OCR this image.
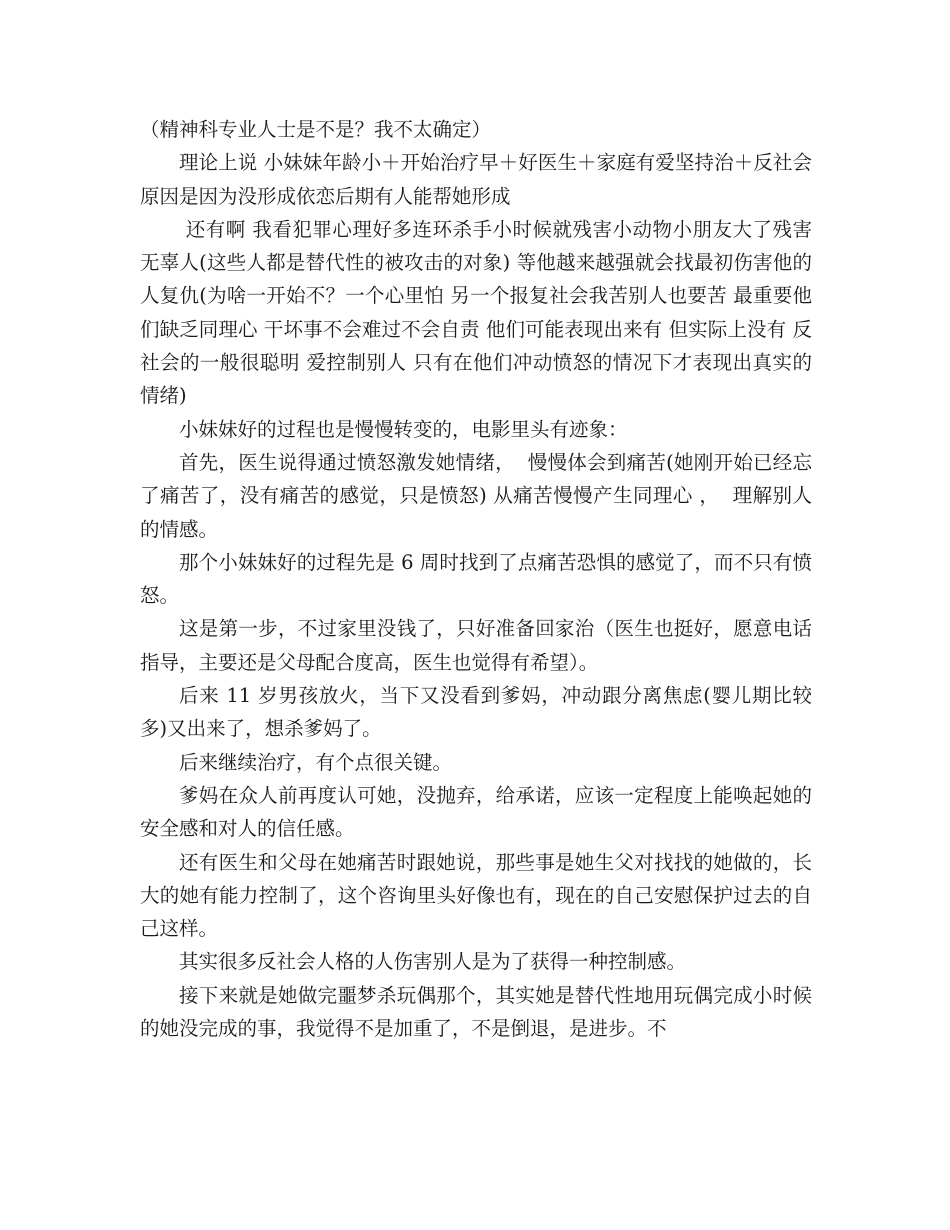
（精神科专业人士是不是？我不太确定）

理论上说 小妹妹年龄小＋开始治疗早＋好医生＋家庭有爱坚持治＋反社会原因是因为没形成依恋后期有人能帮她形成

还有啊 我看犯罪心理好多连环杀手小时候就残害小动物小朋友大了残害无辜人(这些人都是替代性的被攻击的对象) 等他越来越强就会找最初伤害他的人复仇(为啥一开始不？一个心里怕 另一个报复社会我苦别人也要苦 最重要他们缺乏同理心 干坏事不会难过不会自责 他们可能表现出来有 但实际上没有 反社会的一般很聪明 爱控制别人 只有在他们冲动愤怒的情况下才表现出真实的情绪)

小妹妹好的过程也是慢慢转变的，电影里头有迹象：

首先，医生说得通过愤怒激发她情绪，  慢慢体会到痛苦(她刚开始已经忘了痛苦了，没有痛苦的感觉，只是愤怒) 从痛苦慢慢产生同理心 ，  理解别人的情感。

那个小妹妹好的过程先是 6 周时找到了点痛苦恐惧的感觉了，而不只有愤怒。

这是第一步，不过家里没钱了，只好准备回家治（医生也挺好，愿意电话指导，主要还是父母配合度高，医生也觉得有希望）。

后来 11 岁男孩放火，当下又没看到爹妈，冲动跟分离焦虑(婴儿期比较多)又出来了，想杀爹妈了。

后来继续治疗，有个点很关键。

爹妈在众人前再度认可她，没抛弃，给承诺，应该一定程度上能唤起她的安全感和对人的信任感。

还有医生和父母在她痛苦时跟她说，那些事是她生父对找找的她做的，长大的她有能力控制了，这个咨询里头好像也有，现在的自己安慰保护过去的自己这样。

其实很多反社会人格的人伤害别人是为了获得一种控制感。

接下来就是她做完噩梦杀玩偶那个，其实她是替代性地用玩偶完成小时候的她没完成的事，我觉得不是加重了，不是倒退，是进步。不
